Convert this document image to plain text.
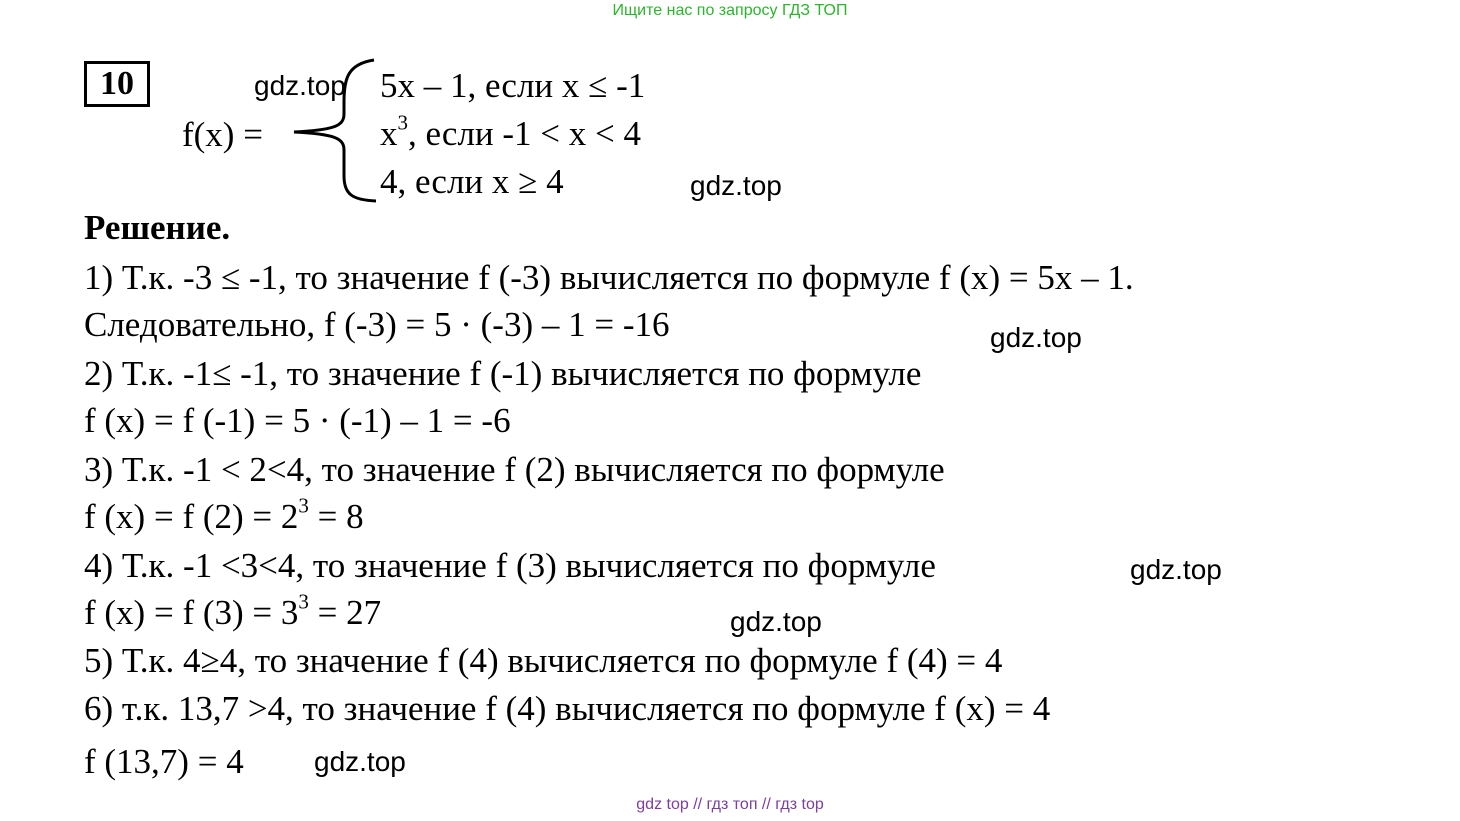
Ищите нас по запросу ГДЗ ТОП
10
f(x) =
5x – 1, если x ≤ -1
$x^3$, если -1 < x < 4
4, если x ≥ 4
Решение.
1) Т.к. -3 ≤ -1, то значение f (-3) вычисляется по формуле f (x) = 5x – 1.
Следовательно, f (-3) = 5 · (-3) – 1 = -16
2) Т.к. -1≤ -1, то значение f (-1) вычисляется по формуле
f (x) = f (-1) = 5 · (-1) – 1 = -6
3) Т.к. -1 < 2<4, то значение f (2) вычисляется по формуле
f (x) = f $(2) = 2^3 = 8$
4) Т.к. -1 <3<4, то значение f (3) вычисляется по формуле
f (x) = f $(3) = 3^3 = 27$
5) Т.к. 4≥4, то значение f (4) вычисляется по формуле f (4) = 4
6) т.к. 13,7 >4, то значение f (4) вычисляется по формуле f (x) = 4
f (13,7) = 4
gdz.top
gdz.top
gdz.top
gdz.top
gdz.top
gdz.top
gdz top // гдз топ // гдз top
